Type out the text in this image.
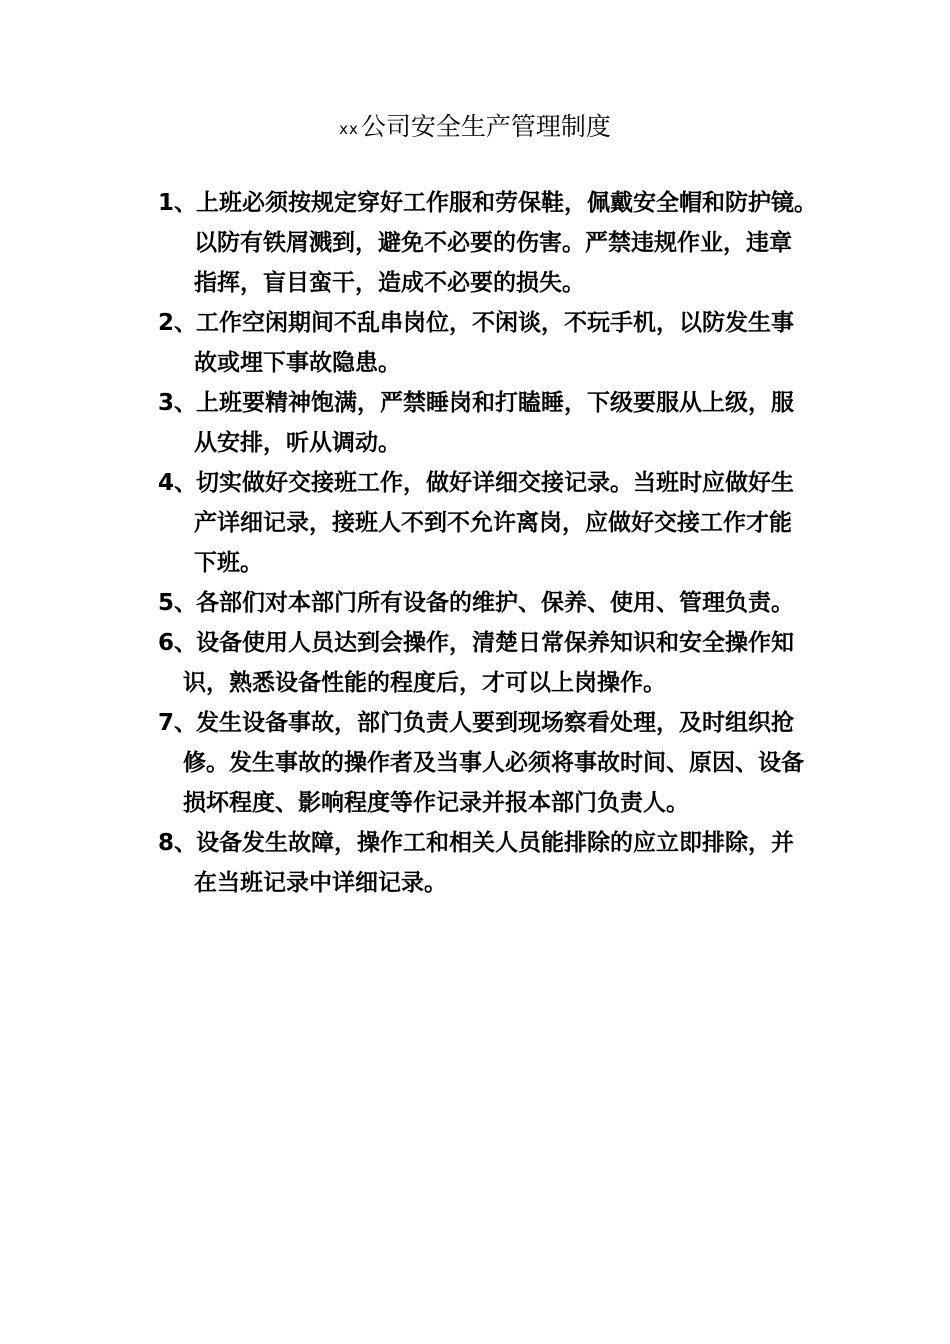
xx公司安全生产管理制度
1、
上班必须按规定穿好工作服和劳保鞋，佩戴安全帽和防护镜。
以防有铁屑溅到，避免不必要的伤害。严禁违规作业，违章
指挥，盲目蛮干，造成不必要的损失。
2、
工作空闲期间不乱串岗位，不闲谈，不玩手机，以防发生事
故或埋下事故隐患。
3、
上班要精神饱满，严禁睡岗和打瞌睡，下级要服从上级，服
从安排，听从调动。
4、
切实做好交接班工作，做好详细交接记录。当班时应做好生
产详细记录，接班人不到不允许离岗，应做好交接工作才能
下班。
5、
各部们对本部门所有设备的维护、保养、使用、管理负责。
6、
设备使用人员达到会操作，清楚日常保养知识和安全操作知
识，熟悉设备性能的程度后，才可以上岗操作。
7、
发生设备事故，部门负责人要到现场察看处理，及时组织抢
修。发生事故的操作者及当事人必须将事故时间、原因、设备
损坏程度、影响程度等作记录并报本部门负责人。
8、
设备发生故障，操作工和相关人员能排除的应立即排除，并
在当班记录中详细记录。
